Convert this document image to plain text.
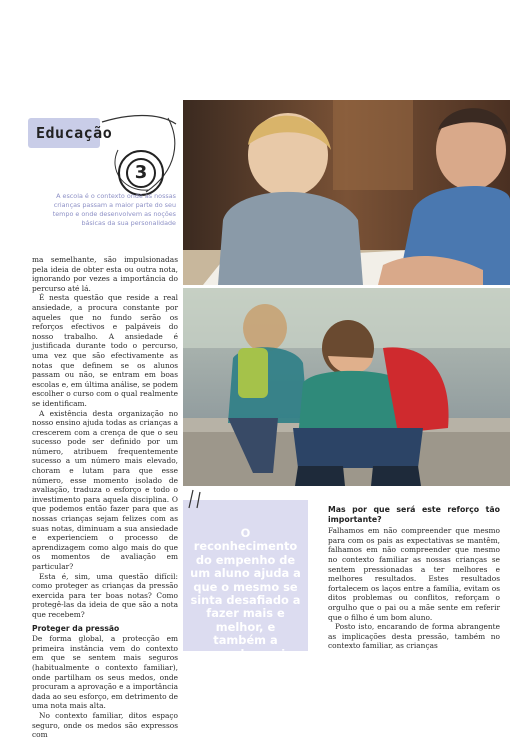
Educação
3
A escola é o contexto onde as nossas crianças passam a maior parte do seu tempo e onde desenvolvem as noções básicas da sua personalidade

ma semelhante, são impulsionadas pela ideia de obter esta ou outra nota, ignorando por vezes a importância do percurso até lá.

É nesta questão que reside a real ansiedade, a procura constante por aqueles que no fundo serão os reforços efectivos e palpáveis do nosso trabalho. A ansiedade é justificada durante todo o percurso, uma vez que são efectivamente as notas que definem se os alunos passam ou não, se entram em boas escolas e, em última análise, se podem escolher o curso com o qual realmente se identificam.

A existência desta organização no nosso ensino ajuda todas as crianças a crescerem com a crença de que o seu sucesso pode ser definido por um número, atribuem frequentemente sucesso a um número mais elevado, choram e lutam para que esse número, esse momento isolado de avaliação, traduza o esforço e todo o investimento para aquela disciplina. O que podemos então fazer para que as nossas crianças sejam felizes com as suas notas, diminuam a sua ansiedade e experienciem o processo de aprendizagem como algo mais do que os momentos de avaliação em particular?

Esta é, sim, uma questão difícil: como proteger as crianças da pressão exercida para ter boas notas? Como protegê-las da ideia de que são a nota que recebem?

Proteger da pressão

De forma global, a protecção em primeira instância vem do contexto em que se sentem mais seguros (habitualmente o contexto familiar), onde partilham os seus medos, onde procuram a aprovação e a importância dada ao seu esforço, em detrimento de uma nota mais alta.

No contexto familiar, ditos espaço seguro, onde os medos são expressos com

O reconhecimento do empenho de um aluno ajuda a que o mesmo se sinta desafiado a fazer mais e melhor, e também a aprender mais
Mas por que será este reforço tão importante?

Falhamos em não compreender que mesmo para com os pais as expectativas se mantêm, falhamos em não compreender que mesmo no contexto familiar as nossas crianças se sentem pressionadas a ter melhores e melhores resultados. Estes resultados fortalecem os laços entre a família, evitam os ditos problemas ou conflitos, reforçam o orgulho que o pai ou a mãe sente em referir que o filho é um bom aluno.

Posto isto, encarando de forma abrangente as implicações desta pressão, também no contexto familiar, as crianças
